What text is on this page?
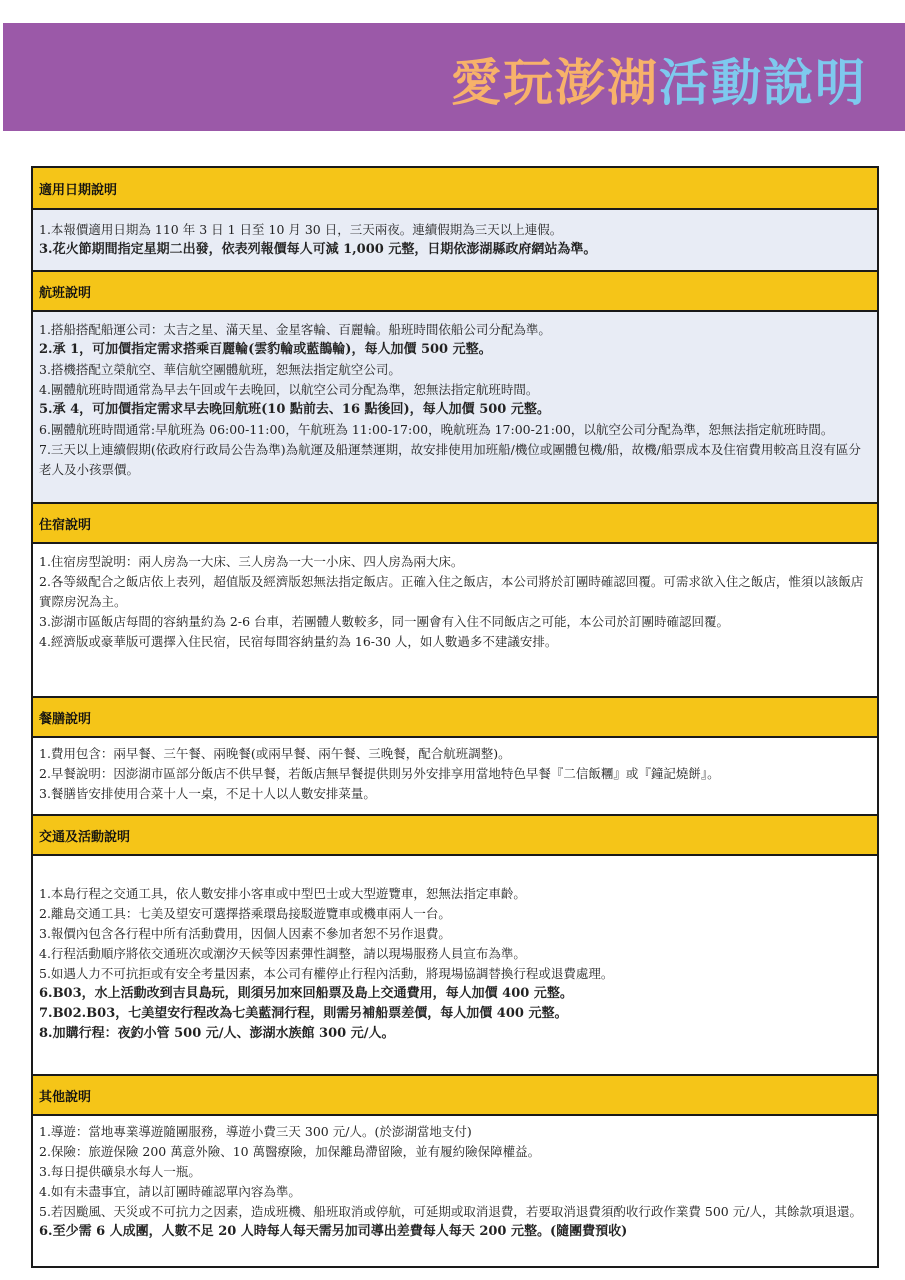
愛玩澎湖活動說明
適用日期說明

1.本報價適用日期為 110 年 3 日 1 日至 10 月 30 日，三天兩夜。連續假期為三天以上連假。

3.花火節期間指定星期二出發，依表列報價每人可減 1,000 元整，日期依澎湖縣政府網站為準。

航班說明

1.搭船搭配船運公司：太吉之星、滿天星、金星客輪、百麗輪。船班時間依船公司分配為準。

2.承 1，可加價指定需求搭乘百麗輪(雲豹輪或藍鵲輪)，每人加價 500 元整。

3.搭機搭配立榮航空、華信航空團體航班，恕無法指定航空公司。

4.團體航班時間通常為早去午回或午去晚回，以航空公司分配為準，恕無法指定航班時間。

5.承 4，可加價指定需求早去晚回航班(10 點前去、16 點後回)，每人加價 500 元整。

6.團體航班時間通常:早航班為 06:00-11:00，午航班為 11:00-17:00，晚航班為 17:00-21:00，以航空公司分配為準，恕無法指定航班時間。

7.三天以上連續假期(依政府行政局公告為準)為航運及船運禁運期，故安排使用加班船/機位或團體包機/船，故機/船票成本及住宿費用較高且沒有區分老人及小孩票價。

住宿說明

1.住宿房型說明：兩人房為一大床、三人房為一大一小床、四人房為兩大床。

2.各等級配合之飯店依上表列，超值版及經濟版恕無法指定飯店。正確入住之飯店，本公司將於訂團時確認回覆。可需求欲入住之飯店，惟須以該飯店實際房況為主。

3.澎湖市區飯店每間的容納量約為 2-6 台車，若團體人數較多，同一團會有入住不同飯店之可能，本公司於訂團時確認回覆。

4.經濟版或豪華版可選擇入住民宿，民宿每間容納量約為 16-30 人，如人數過多不建議安排。

餐膳說明

1.費用包含：兩早餐、三午餐、兩晚餐(或兩早餐、兩午餐、三晚餐，配合航班調整)。

2.早餐說明：因澎湖市區部分飯店不供早餐，若飯店無早餐提供則另外安排享用當地特色早餐『二信飯糰』或『鐘記燒餅』。

3.餐膳皆安排使用合菜十人一桌，不足十人以人數安排菜量。

交通及活動說明

1.本島行程之交通工具，依人數安排小客車或中型巴士或大型遊覽車，恕無法指定車齡。

2.離島交通工具：七美及望安可選擇搭乘環島接駁遊覽車或機車兩人一台。

3.報價內包含各行程中所有活動費用，因個人因素不參加者恕不另作退費。

4.行程活動順序將依交通班次或潮汐天候等因素彈性調整，請以現場服務人員宣布為準。

5.如遇人力不可抗拒或有安全考量因素，本公司有權停止行程內活動，將現場協調替換行程或退費處理。

6.B03，水上活動改到吉貝島玩，則須另加來回船票及島上交通費用，每人加價 400 元整。

7.B02.B03，七美望安行程改為七美藍洞行程，則需另補船票差價，每人加價 400 元整。

8.加購行程：夜釣小管 500 元/人、澎湖水族館 300 元/人。

其他說明

1.導遊：當地專業導遊隨團服務，導遊小費三天 300 元/人。(於澎湖當地支付)

2.保險：旅遊保險 200 萬意外險、10 萬醫療險，加保離島滯留險，並有履約險保障權益。

3.每日提供礦泉水每人一瓶。

4.如有未盡事宜，請以訂團時確認單內容為準。

5.若因颱風、天災或不可抗力之因素，造成班機、船班取消或停航，可延期或取消退費，若要取消退費須酌收行政作業費 500 元/人，其餘款項退還。

6.至少需 6 人成團，人數不足 20 人時每人每天需另加司導出差費每人每天 200 元整。(隨團費預收)
